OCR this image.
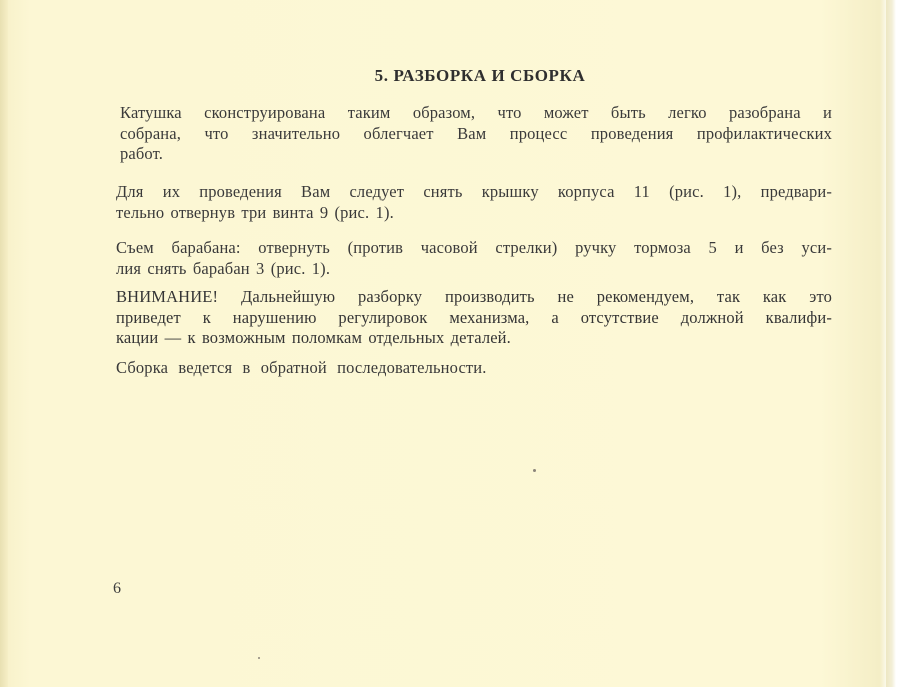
5. РАЗБОРКА И СБОРКА

Катушка сконструирована таким образом, что может быть легко разобрана и
собрана, что значительно облегчает Вам процесс проведения профилактических
работ.

Для их проведения Вам следует снять крышку корпуса 11 (рис. 1), предвари-
тельно отвернув три винта 9 (рис. 1).

Съем барабана: отвернуть (против часовой стрелки) ручку тормоза 5 и без уси-
лия снять барабан 3 (рис. 1).

ВНИМАНИЕ! Дальнейшую разборку производить не рекомендуем, так как это
приведет к нарушению регулировок механизма, а отсутствие должной квалифи-
кации — к возможным поломкам отдельных деталей.

Сборка ведется в обратной последовательности.

6
